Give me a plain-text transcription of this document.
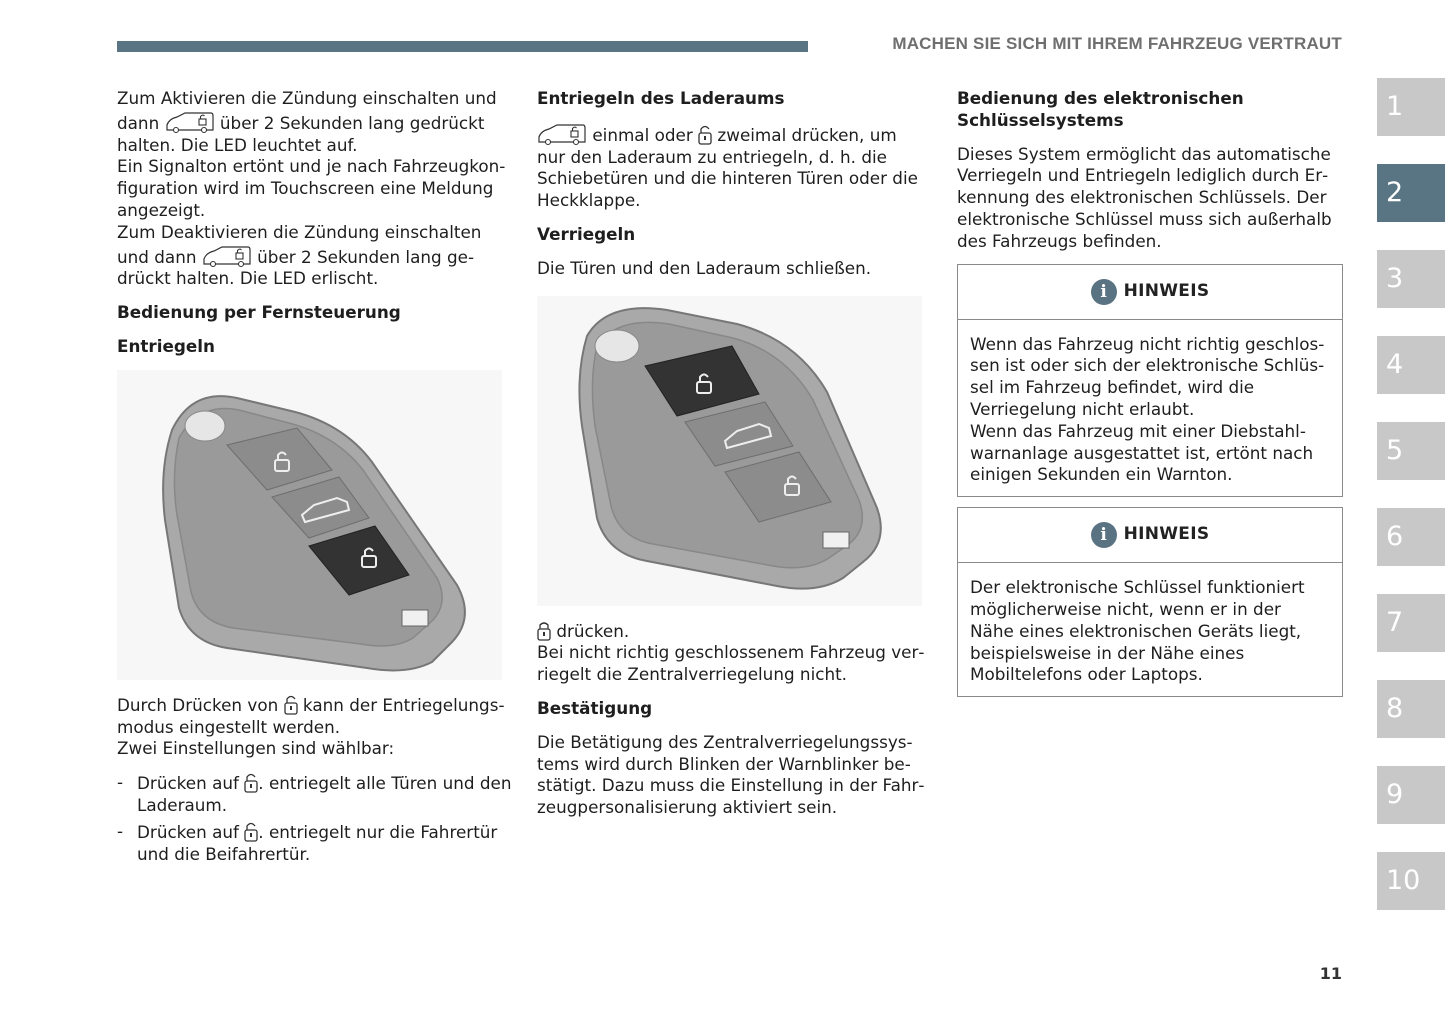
MACHEN SIE SICH MIT IHREM FAHRZEUG VERTRAUT

Zum Aktivieren die Zündung einschalten und dann	über 2 Sekunden lang gedrückt halten. Die LED leuchtet auf.

Ein Signalton ertönt und je nach Fahrzeugkonfiguration wird im Touchscreen eine Meldung angezeigt.

Zum Deaktivieren die Zündung einschalten und dann	über 2 Sekunden lang gedrückt halten. Die LED erlischt.

Bedienung per Fernsteuerung
Entriegeln

Durch Drücken von
kann der Entriegelungsmodus eingestellt werden.

Zwei Einstellungen sind wählbar:

- Drücken auf . entriegelt alle Türen und den Laderaum.
- Drücken auf . entriegelt nur die Fahrertür und die Beifahrertür.
Entriegeln des Laderaums

einmal oder
zweimal drücken, um nur den Laderaum zu entriegeln, d. h. die Schiebetüren und die hinteren Türen oder die Heckklappe.

Verriegeln

Die Türen und den Laderaum schließen.

drücken.

Bei nicht richtig geschlossenem Fahrzeug verriegelt die Zentralverriegelung nicht.

Bestätigung

Die Betätigung des Zentralverriegelungssystems wird durch Blinken der Warnblinker bestätigt. Dazu muss die Einstellung in der Fahrzeugpersonalisierung aktiviert sein.

Bedienung des elektronischen Schlüsselsystems

Dieses System ermöglicht das automatische Verriegeln und Entriegeln lediglich durch Erkennung des elektronischen Schlüssels. Der elektronische Schlüssel muss sich außerhalb des Fahrzeugs befinden.

i HINWEIS

Wenn das Fahrzeug nicht richtig geschlossen ist oder sich der elektronische Schlüssel im Fahrzeug befindet, wird die Verriegelung nicht erlaubt.

Wenn das Fahrzeug mit einer Diebstahlwarnanlage ausgestattet ist, ertönt nach einigen Sekunden ein Warnton.

i HINWEIS

Der elektronische Schlüssel funktioniert möglicherweise nicht, wenn er in der Nähe eines elektronischen Geräts liegt, beispielsweise in der Nähe eines Mobiltelefons oder Laptops.

1
2
3
4
5
6
7
8
9
10
11
